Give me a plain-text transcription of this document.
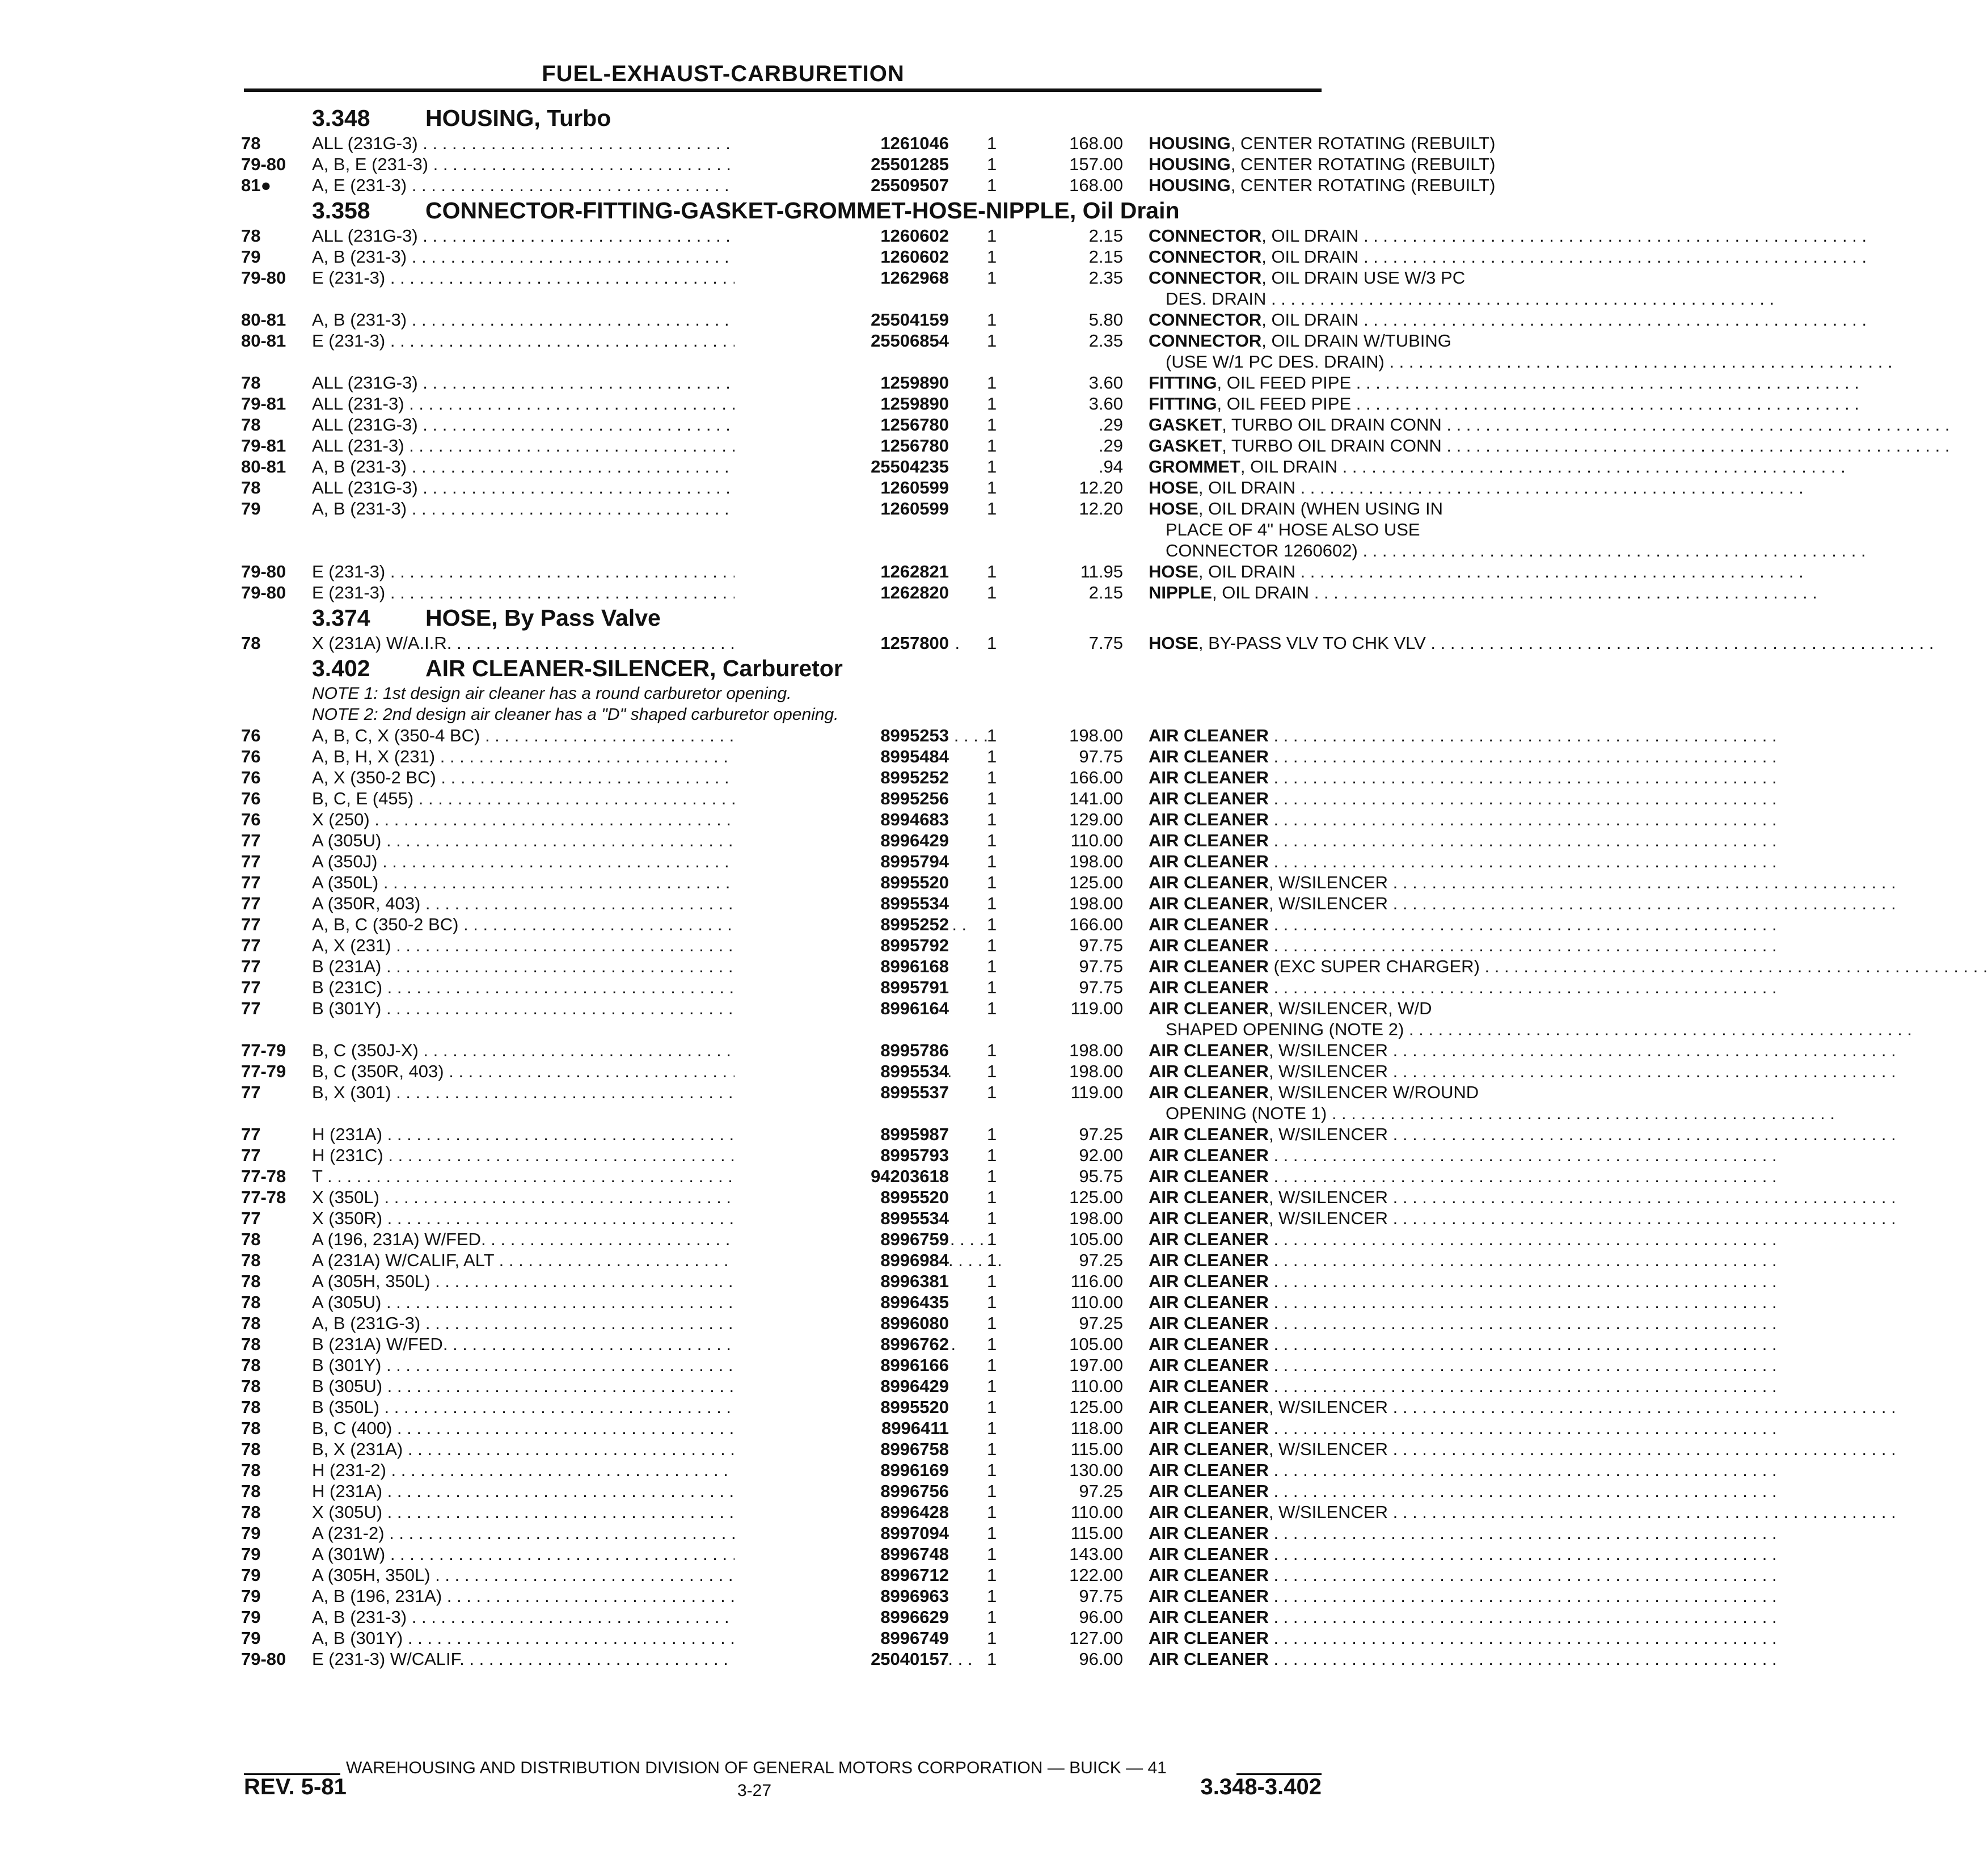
FUEL-EXHAUST-CARBURETION
3.348 HOUSING, Turbo
78	ALL (231G-3) . . .	1261046 1	168.00 HOUSING, CENTER ROTATING (REBUILT)
79-80 A, B, E (231-3) . . .	25501285 1	157.00 HOUSING, CENTER ROTATING (REBUILT)
81● A, E (231-3) . . .	25509507 1	168.00 HOUSING, CENTER ROTATING (REBUILT)
3.358 CONNECTOR-FITTING-GASKET-GROMMET-HOSE-NIPPLE, Oil Drain
78	ALL (231G-3) . . .	1260602 1	2.15 CONNECTOR, OIL DRAIN . . .
79	A, B (231-3) . . .	1260602 1	2.15 CONNECTOR, OIL DRAIN . . .
79-80 E (231-3) . . .	1262968 1	2.35 CONNECTOR, OIL DRAIN USE W/3 PC
DES. DRAIN . . .
80-81 A, B (231-3) . . .	25504159 1	5.80 CONNECTOR, OIL DRAIN . . .
80-81 E (231-3) . . .	25506854 1	2.35 CONNECTOR, OIL DRAIN W/TUBING
(USE W/1 PC DES. DRAIN) . . .
78	ALL (231G-3) . . .	1259890 1	3.60 FITTING, OIL FEED PIPE . . .
79-81 ALL (231-3) . . .	1259890 1	3.60 FITTING, OIL FEED PIPE . . .
78	ALL (231G-3) . . .	1256780 1	.29 GASKET, TURBO OIL DRAIN CONN . . .
79-81 ALL (231-3) . . .	1256780 1	.29 GASKET, TURBO OIL DRAIN CONN . . .
80-81 A, B (231-3) . . .	25504235 1	.94 GROMMET, OIL DRAIN . . .
78	ALL (231G-3) . . .	1260599 1	12.20 HOSE, OIL DRAIN . . .
79	A, B (231-3) . . .	1260599 1	12.20 HOSE, OIL DRAIN (WHEN USING IN
PLACE OF 4" HOSE ALSO USE
CONNECTOR 1260602) . . .
79-80 E (231-3) . . .	1262821 1	11.95 HOSE, OIL DRAIN . . .
79-80 E (231-3) . . .	1262820 1	2.15 NIPPLE, OIL DRAIN . . .
3.374 HOSE, By Pass Valve
78	X (231A) W/A.I.R. . . .	1257800 1	7.75 HOSE, BY-PASS VLV TO CHK VLV . . .
3.402 AIR CLEANER-SILENCER, Carburetor
NOTE 1: 1st design air cleaner has a round carburetor opening.
NOTE 2: 2nd design air cleaner has a "D" shaped carburetor opening.
76	A, B, C, X (350-4 BC) . . .	8995253 1	198.00 AIR CLEANER . . .
76	A, B, H, X (231) . . .	8995484 1	97.75 AIR CLEANER . . .
76	A, X (350-2 BC) . . .	8995252 1	166.00 AIR CLEANER . . .
76	B, C, E (455) . . .	8995256 1	141.00 AIR CLEANER . . .
76	X (250) . . .	8994683 1	129.00 AIR CLEANER . . .
77	A (305U) . . .	8996429 1	110.00 AIR CLEANER . . .
77	A (350J) . . .	8995794 1	198.00 AIR CLEANER . . .
77	A (350L) . . .	8995520 1	125.00 AIR CLEANER, W/SILENCER . . .
77	A (350R, 403) . . .	8995534 1	198.00 AIR CLEANER, W/SILENCER . . .
77	A, B, C (350-2 BC) . . .	8995252 1	166.00 AIR CLEANER . . .
77	A, X (231) . . .	8995792 1	97.75 AIR CLEANER . . .
77	B (231A) . . .	8996168 1	97.75 AIR CLEANER (EXC SUPER CHARGER) . . .
77	B (231C) . . .	8995791 1	97.75 AIR CLEANER . . .
77	B (301Y) . . .	8996164 1	119.00 AIR CLEANER, W/SILENCER, W/D
SHAPED OPENING (NOTE 2) . . .
77-79 B, C (350J-X) . . .	8995786 1	198.00 AIR CLEANER, W/SILENCER . . .
77-79 B, C (350R, 403) . . .	8995534 1	198.00 AIR CLEANER, W/SILENCER . . .
77	B, X (301) . . .	8995537 1	119.00 AIR CLEANER, W/SILENCER W/ROUND
OPENING (NOTE 1) . . .
77	H (231A) . . .	8995987 1	97.25 AIR CLEANER, W/SILENCER . . .
77	H (231C) . . .	8995793 1	92.00 AIR CLEANER . . .
77-78 T . . .	94203618 1	95.75 AIR CLEANER . . .
77-78 X (350L) . . .	8995520 1	125.00 AIR CLEANER, W/SILENCER . . .
77	X (350R) . . .	8995534 1	198.00 AIR CLEANER, W/SILENCER . . .
78	A (196, 231A) W/FED. . . .	8996759 1	105.00 AIR CLEANER . . .
78	A (231A) W/CALIF, ALT . . .	8996984 1	97.25 AIR CLEANER . . .
78	A (305H, 350L) . . .	8996381 1	116.00 AIR CLEANER . . .
78	A (305U) . . .	8996435 1	110.00 AIR CLEANER . . .
78	A, B (231G-3) . . .	8996080 1	97.25 AIR CLEANER . . .
78	B (231A) W/FED. . . .	8996762 1	105.00 AIR CLEANER . . .
78	B (301Y) . . .	8996166 1	197.00 AIR CLEANER . . .
78	B (305U) . . .	8996429 1	110.00 AIR CLEANER . . .
78	B (350L) . . .	8995520 1	125.00 AIR CLEANER, W/SILENCER . . .
78	B, C (400) . . .	8996411 1	118.00 AIR CLEANER . . .
78	B, X (231A) . . .	8996758 1	115.00 AIR CLEANER, W/SILENCER . . .
78	H (231-2) . . .	8996169 1	130.00 AIR CLEANER . . .
78	H (231A) . . .	8996756 1	97.25 AIR CLEANER . . .
78	X (305U) . . .	8996428 1	110.00 AIR CLEANER, W/SILENCER . . .
79	A (231-2) . . .	8997094 1	115.00 AIR CLEANER . . .
79	A (301W) . . .	8996748 1	143.00 AIR CLEANER . . .
79	A (305H, 350L) . . .	8996712 1	122.00 AIR CLEANER . . .
79	A, B (196, 231A) . . .	8996963 1	97.75 AIR CLEANER . . .
79	A, B (231-3) . . .	8996629 1	96.00 AIR CLEANER . . .
79	A, B (301Y) . . .	8996749 1	127.00 AIR CLEANER . . .
79-80 E (231-3) W/CALIF. . . .	25040157 1	96.00 AIR CLEANER . . .
WAREHOUSING AND DISTRIBUTION DIVISION OF GENERAL MOTORS CORPORATION — BUICK — 41
REV. 5-81	3-27	3.348-3.402
